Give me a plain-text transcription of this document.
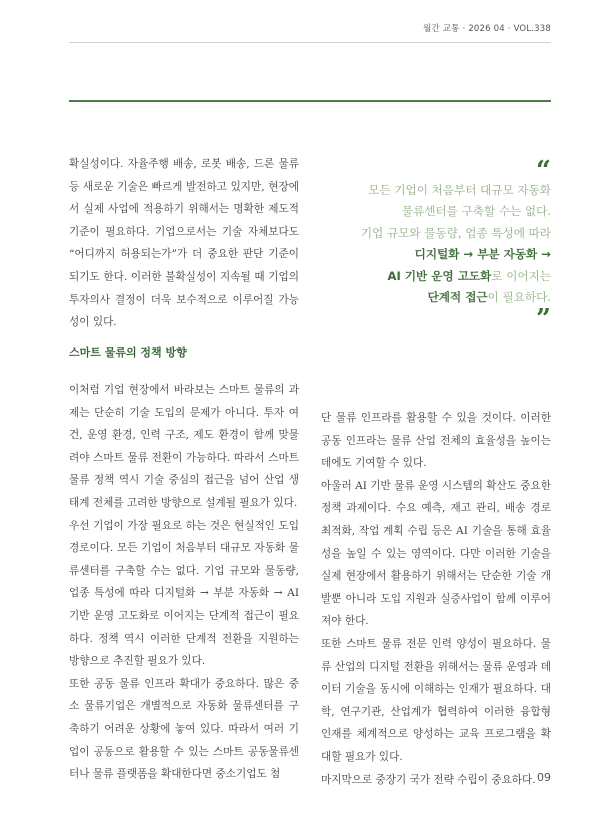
월간 교통 · 2026 04 · VOL.338

확실성이다. 자율주행 배송, 로봇 배송, 드론 물류 등 새로운 기술은 빠르게 발전하고 있지만, 현장에서 실제 사업에 적용하기 위해서는 명확한 제도적 기준이 필요하다. 기업으로서는 기술 자체보다도 “어디까지 허용되는가”가 더 중요한 판단 기준이 되기도 한다. 이러한 불확실성이 지속될 때 기업의 투자의사 결정이 더욱 보수적으로 이루어질 가능성이 있다.

“
모든 기업이 처음부터 대규모 자동화
물류센터를 구축할 수는 없다.
기업 규모와 물동량, 업종 특성에 따라
디지털화 → 부분 자동화 →
AI 기반 운영 고도화로 이어지는
단계적 접근이 필요하다.
”
스마트 물류의 정책 방향

이처럼 기업 현장에서 바라보는 스마트 물류의 과제는 단순히 기술 도입의 문제가 아니다. 투자 여건, 운영 환경, 인력 구조, 제도 환경이 함께 맞물려야 스마트 물류 전환이 가능하다. 따라서 스마트 물류 정책 역시 기술 중심의 접근을 넘어 산업 생태계 전체를 고려한 방향으로 설계될 필요가 있다.

우선 기업이 가장 필요로 하는 것은 현실적인 도입 경로이다. 모든 기업이 처음부터 대규모 자동화 물류센터를 구축할 수는 없다. 기업 규모와 물동량, 업종 특성에 따라 디지털화 → 부분 자동화 → AI 기반 운영 고도화로 이어지는 단계적 접근이 필요하다. 정책 역시 이러한 단계적 전환을 지원하는 방향으로 추진할 필요가 있다.

또한 공동 물류 인프라 확대가 중요하다. 많은 중소 물류기업은 개별적으로 자동화 물류센터를 구축하기 어려운 상황에 놓여 있다. 따라서 여러 기업이 공동으로 활용할 수 있는 스마트 공동물류센터나 물류 플랫폼을 확대한다면 중소기업도 첨

단 물류 인프라를 활용할 수 있을 것이다. 이러한 공동 인프라는 물류 산업 전체의 효율성을 높이는 데에도 기여할 수 있다.

아울러 AI 기반 물류 운영 시스템의 확산도 중요한 정책 과제이다. 수요 예측, 재고 관리, 배송 경로 최적화, 작업 계획 수립 등은 AI 기술을 통해 효율성을 높일 수 있는 영역이다. 다만 이러한 기술을 실제 현장에서 활용하기 위해서는 단순한 기술 개발뿐 아니라 도입 지원과 실증사업이 함께 이루어져야 한다.

또한 스마트 물류 전문 인력 양성이 필요하다. 물류 산업의 디지털 전환을 위해서는 물류 운영과 데이터 기술을 동시에 이해하는 인재가 필요하다. 대학, 연구기관, 산업계가 협력하여 이러한 융합형 인재를 체계적으로 양성하는 교육 프로그램을 확대할 필요가 있다.

마지막으로 중장기 국가 전략 수립이 중요하다. 09
